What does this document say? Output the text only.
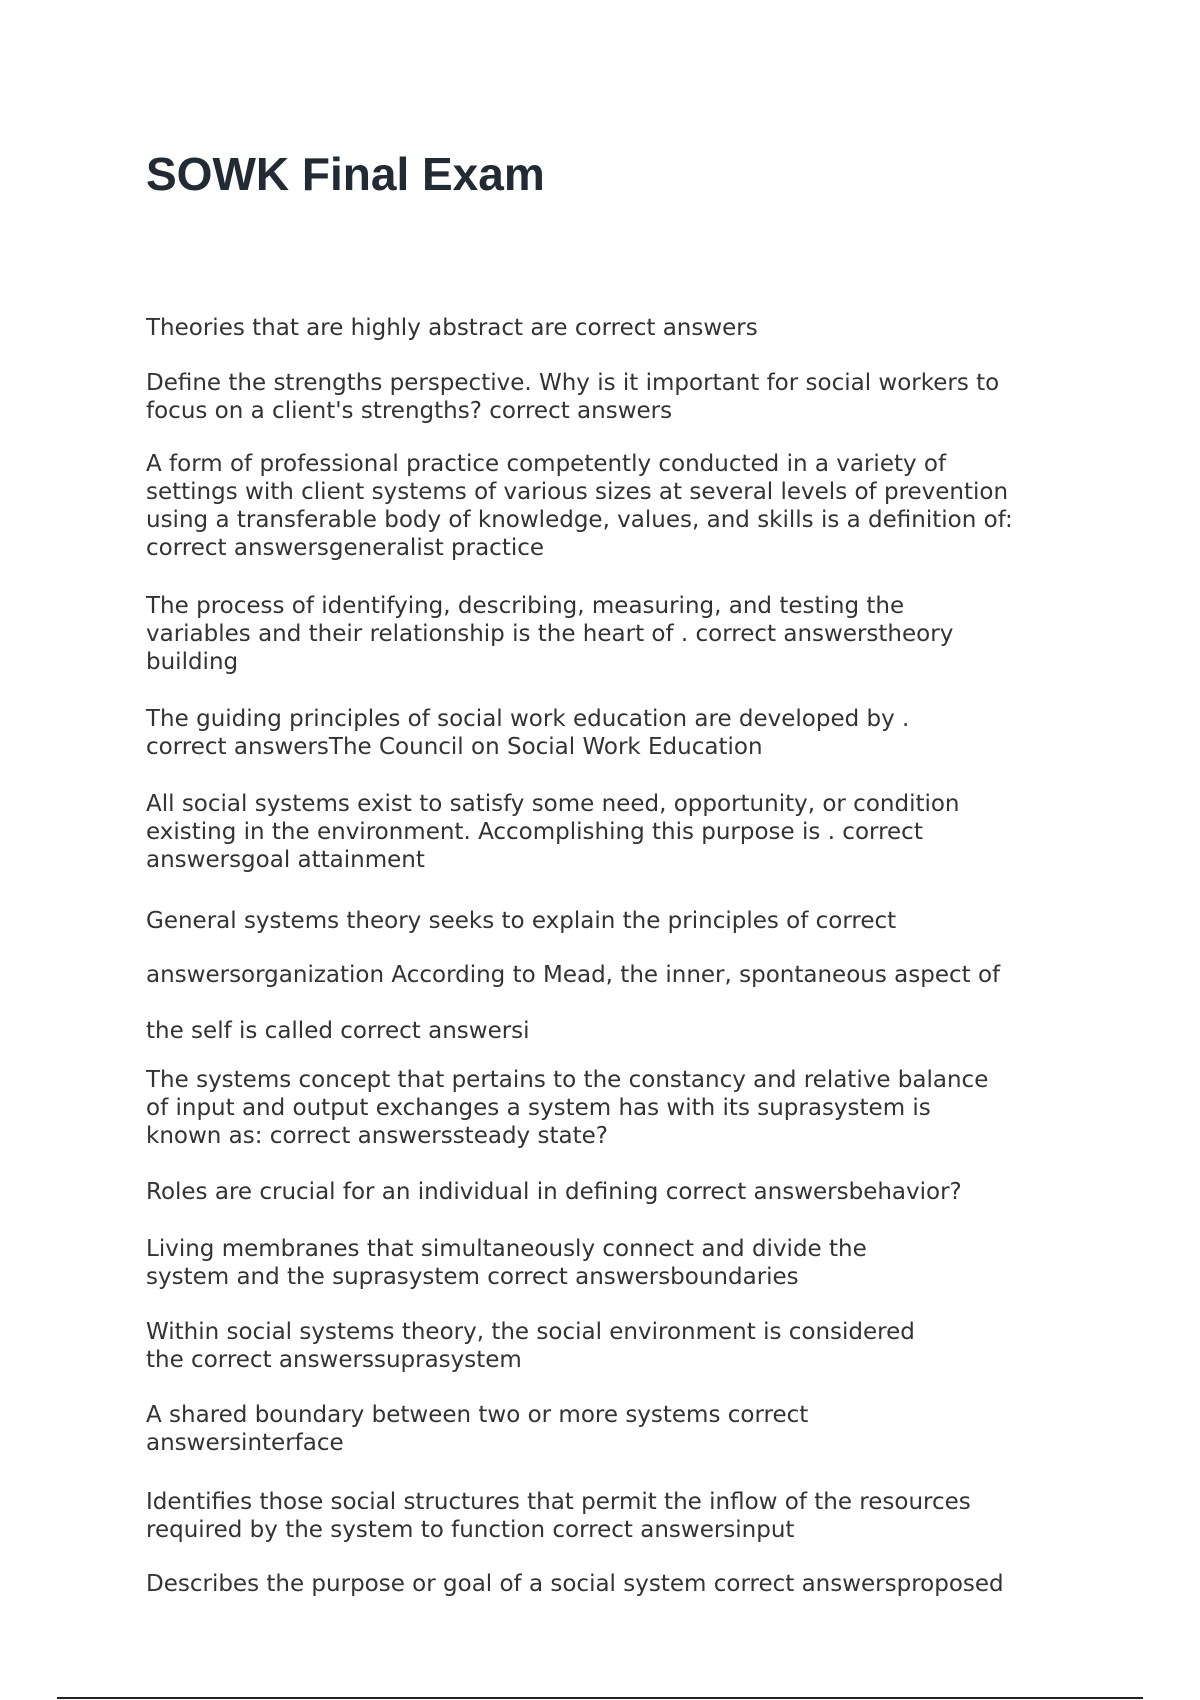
SOWK Final Exam

Theories that are highly abstract are correct answers

Define the strengths perspective. Why is it important for social workers to
focus on a client's strengths? correct answers

A form of professional practice competently conducted in a variety of
settings with client systems of various sizes at several levels of prevention
using a transferable body of knowledge, values, and skills is a definition of:
correct answersgeneralist practice

The process of identifying, describing, measuring, and testing the
variables and their relationship is the heart of . correct answerstheory
building

The guiding principles of social work education are developed by .
correct answersThe Council on Social Work Education

All social systems exist to satisfy some need, opportunity, or condition
existing in the environment. Accomplishing this purpose is . correct
answersgoal attainment

General systems theory seeks to explain the principles of correct

answersorganization According to Mead, the inner, spontaneous aspect of

the self is called correct answersi

The systems concept that pertains to the constancy and relative balance
of input and output exchanges a system has with its suprasystem is
known as: correct answerssteady state?

Roles are crucial for an individual in defining correct answersbehavior?

Living membranes that simultaneously connect and divide the
system and the suprasystem correct answersboundaries

Within social systems theory, the social environment is considered
the correct answerssuprasystem

A shared boundary between two or more systems correct
answersinterface

Identifies those social structures that permit the inflow of the resources
required by the system to function correct answersinput

Describes the purpose or goal of a social system correct answersproposed
